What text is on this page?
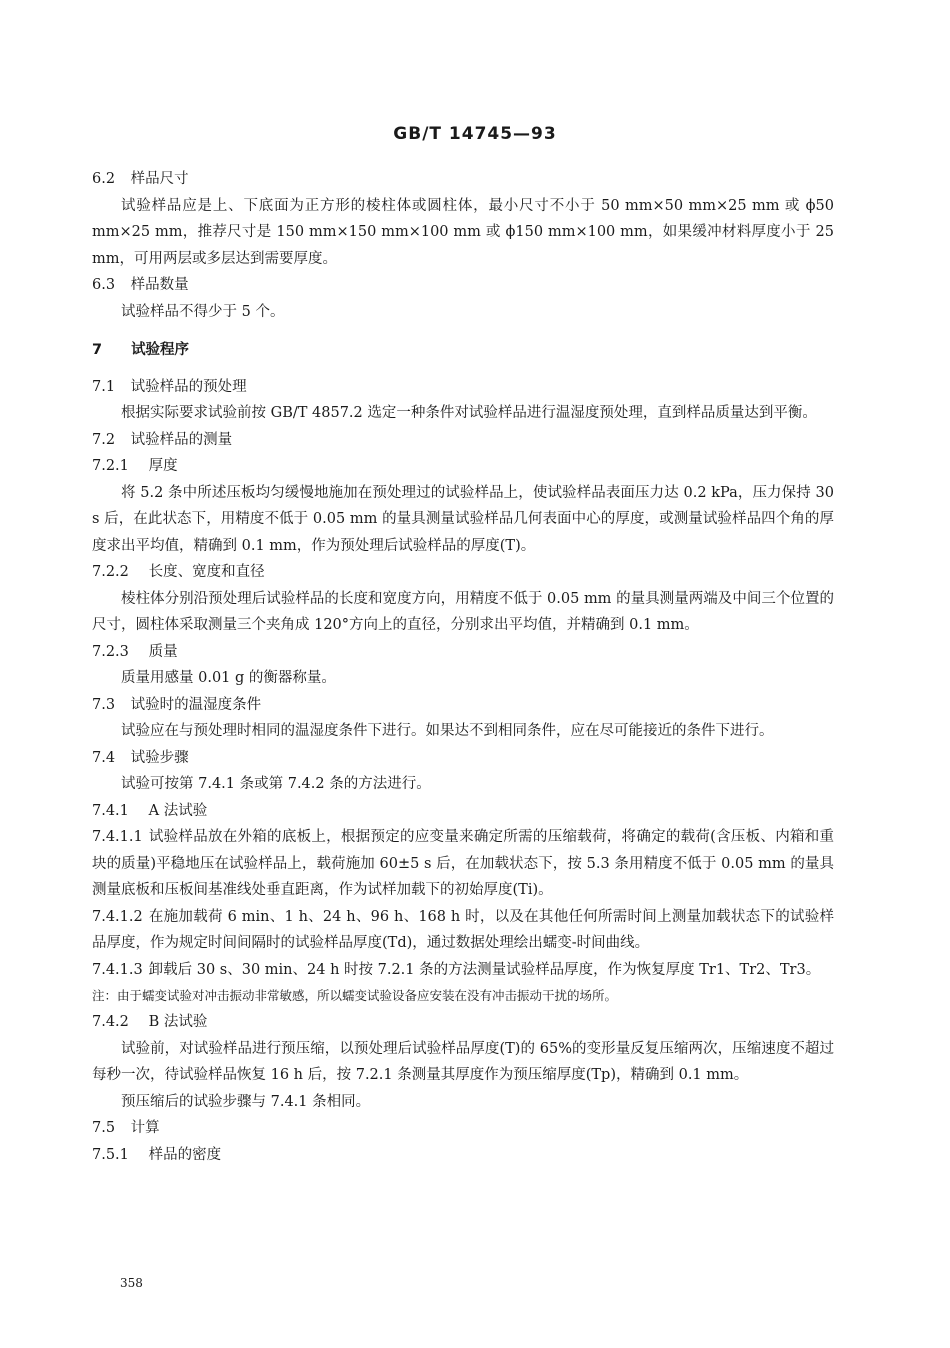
GB/T 14745—93
6.2 样品尺寸

试验样品应是上、下底面为正方形的棱柱体或圆柱体，最小尺寸不小于 50 mm×50 mm×25 mm 或 ϕ50 mm×25 mm，推荐尺寸是 150 mm×150 mm×100 mm 或 ϕ150 mm×100 mm，如果缓冲材料厚度小于 25 mm，可用两层或多层达到需要厚度。

6.3 样品数量

试验样品不得少于 5 个。

7 试验程序
7.1 试验样品的预处理

根据实际要求试验前按 GB/T 4857.2 选定一种条件对试验样品进行温湿度预处理，直到样品质量达到平衡。

7.2 试验样品的测量
7.2.1 厚度

将 5.2 条中所述压板均匀缓慢地施加在预处理过的试验样品上，使试验样品表面压力达 0.2 kPa，压力保持 30 s 后，在此状态下，用精度不低于 0.05 mm 的量具测量试验样品几何表面中心的厚度，或测量试验样品四个角的厚度求出平均值，精确到 0.1 mm，作为预处理后试验样品的厚度(T)。

7.2.2 长度、宽度和直径

棱柱体分别沿预处理后试验样品的长度和宽度方向，用精度不低于 0.05 mm 的量具测量两端及中间三个位置的尺寸，圆柱体采取测量三个夹角成 120°方向上的直径，分别求出平均值，并精确到 0.1 mm。

7.2.3 质量

质量用感量 0.01 g 的衡器称量。

7.3 试验时的温湿度条件

试验应在与预处理时相同的温湿度条件下进行。如果达不到相同条件，应在尽可能接近的条件下进行。

7.4 试验步骤

试验可按第 7.4.1 条或第 7.4.2 条的方法进行。

7.4.1 A 法试验

7.4.1.1 试验样品放在外箱的底板上，根据预定的应变量来确定所需的压缩载荷，将确定的载荷(含压板、内箱和重块的质量)平稳地压在试验样品上，载荷施加 60±5 s 后，在加载状态下，按 5.3 条用精度不低于 0.05 mm 的量具测量底板和压板间基准线处垂直距离，作为试样加载下的初始厚度(Ti)。

7.4.1.2 在施加载荷 6 min、1 h、24 h、96 h、168 h 时，以及在其他任何所需时间上测量加载状态下的试验样品厚度，作为规定时间间隔时的试验样品厚度(Td)，通过数据处理绘出蠕变-时间曲线。

7.4.1.3 卸载后 30 s、30 min、24 h 时按 7.2.1 条的方法测量试验样品厚度，作为恢复厚度 Tr1、Tr2、Tr3。

注：由于蠕变试验对冲击振动非常敏感，所以蠕变试验设备应安装在没有冲击振动干扰的场所。

7.4.2 B 法试验

试验前，对试验样品进行预压缩，以预处理后试验样品厚度(T)的 65%的变形量反复压缩两次，压缩速度不超过每秒一次，待试验样品恢复 16 h 后，按 7.2.1 条测量其厚度作为预压缩厚度(Tp)，精确到 0.1 mm。

预压缩后的试验步骤与 7.4.1 条相同。

7.5 计算
7.5.1 样品的密度
358
